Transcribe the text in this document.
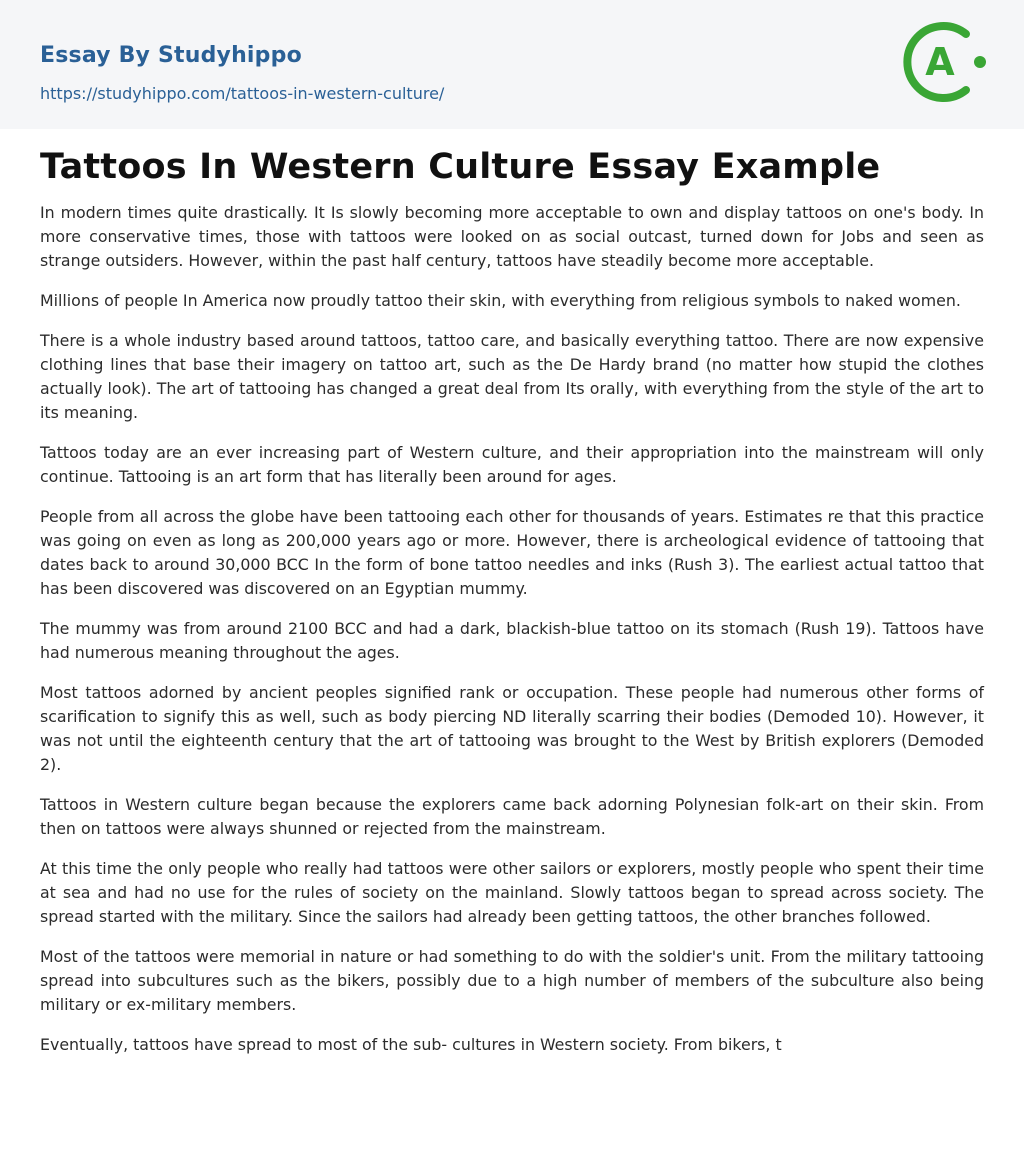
Essay By Studyhippo
https://studyhippo.com/tattoos-in-western-culture/
A
Tattoos In Western Culture Essay Example

In modern times quite drastically. It Is slowly becoming more acceptable to own and display tattoos on one's body. In more conservative times, those with tattoos were looked on as social outcast, turned down for Jobs and seen as strange outsiders. However, within the past half century, tattoos have steadily become more acceptable.

Millions of people In America now proudly tattoo their skin, with everything from religious symbols to naked women.

There is a whole industry based around tattoos, tattoo care, and basically everything tattoo. There are now expensive clothing lines that base their imagery on tattoo art, such as the De Hardy brand (no matter how stupid the clothes actually look). The art of tattooing has changed a great deal from Its orally, with everything from the style of the art to its meaning.

Tattoos today are an ever increasing part of Western culture, and their appropriation into the mainstream will only continue. Tattooing is an art form that has literally been around for ages.

People from all across the globe have been tattooing each other for thousands of years. Estimates re that this practice was going on even as long as 200,000 years ago or more. However, there is archeological evidence of tattooing that dates back to around 30,000 BCC In the form of bone tattoo needles and inks (Rush 3). The earliest actual tattoo that has been discovered was discovered on an Egyptian mummy.

The mummy was from around 2100 BCC and had a dark, blackish-blue tattoo on its stomach (Rush 19). Tattoos have had numerous meaning throughout the ages.

Most tattoos adorned by ancient peoples signified rank or occupation. These people had numerous other forms of scarification to signify this as well, such as body piercing ND literally scarring their bodies (Demoded 10). However, it was not until the eighteenth century that the art of tattooing was brought to the West by British explorers (Demoded 2).

Tattoos in Western culture began because the explorers came back adorning Polynesian folk-art on their skin. From then on tattoos were always shunned or rejected from the mainstream.

At this time the only people who really had tattoos were other sailors or explorers, mostly people who spent their time at sea and had no use for the rules of society on the mainland. Slowly tattoos began to spread across society. The spread started with the military. Since the sailors had already been getting tattoos, the other branches followed.

Most of the tattoos were memorial in nature or had something to do with the soldier's unit. From the military tattooing spread into subcultures such as the bikers, possibly due to a high number of members of the subculture also being military or ex-military members.

Eventually, tattoos have spread to most of the sub- cultures in Western society. From bikers, t
